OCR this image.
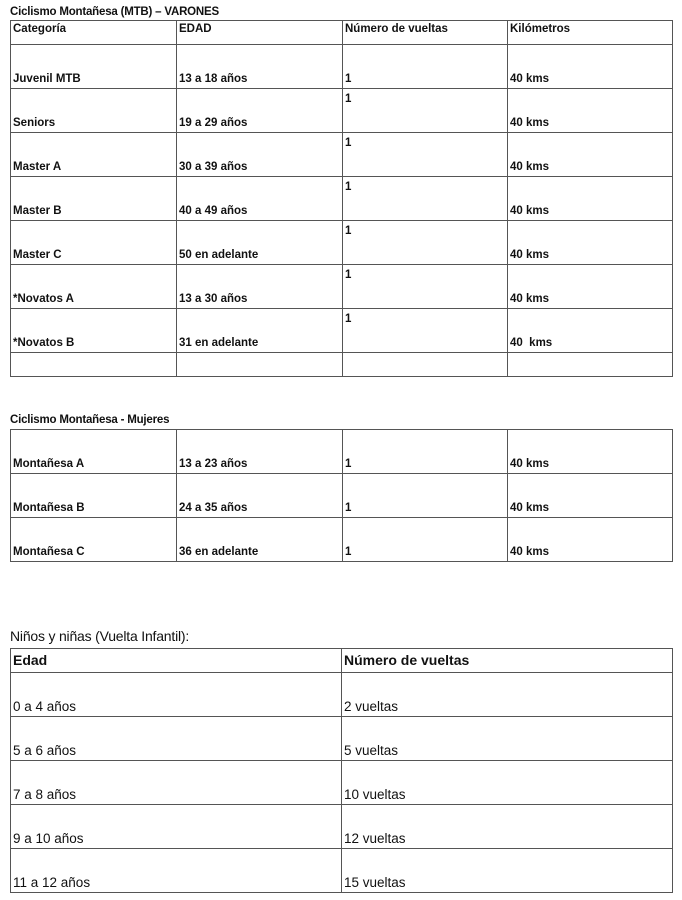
Ciclismo Montañesa (MTB) – VARONES
Categoría	EDAD	Número de vueltas	Kilómetros
Juvenil MTB	13 a 18 años	1	40 kms
Seniors	19 a 29 años	1	40 kms
Master A	30 a 39 años	1	40 kms
Master B	40 a 49 años	1	40 kms
Master C	50 en adelante	1	40 kms
*Novatos A	13 a 30 años	1	40 kms
*Novatos B	31 en adelante	1	40  kms

Ciclismo Montañesa - Mujeres
Montañesa A	13 a 23 años	1	40 kms
Montañesa B	24 a 35 años	1	40 kms
Montañesa C	36 en adelante	1	40 kms
Niños y niñas (Vuelta Infantil):
Edad	Número de vueltas
0 a 4 años	2 vueltas
5 a 6 años	5 vueltas
7 a 8 años	10 vueltas
9 a 10 años	12 vueltas
11 a 12 años	15 vueltas
